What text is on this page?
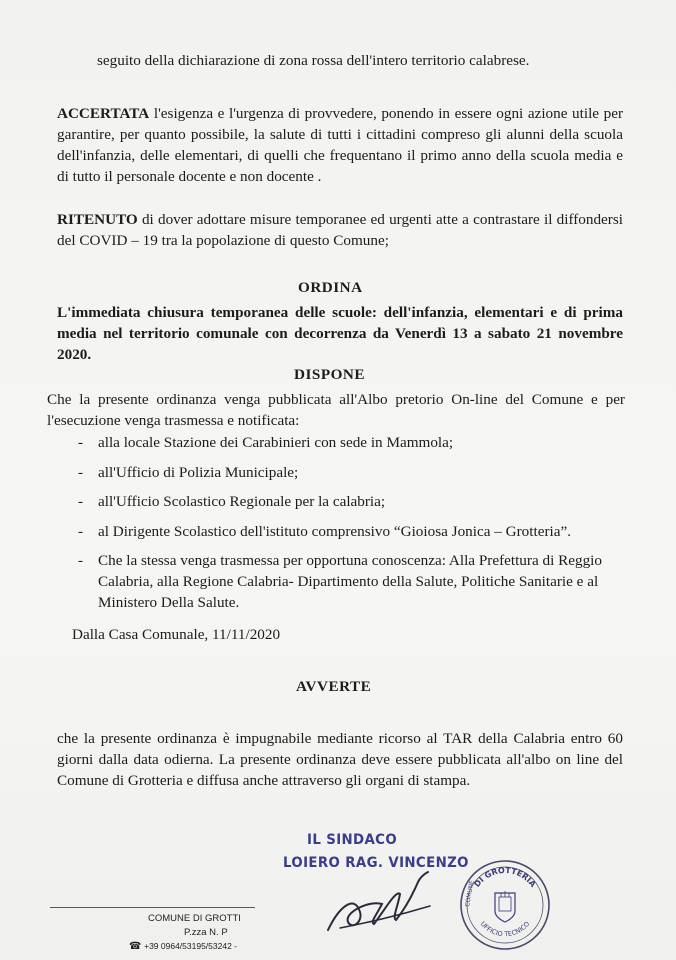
seguito della dichiarazione di zona rossa dell'intero territorio calabrese.

ACCERTATA l'esigenza e l'urgenza di provvedere, ponendo in essere ogni azione utile per garantire, per quanto possibile, la salute di tutti i cittadini compreso gli alunni della scuola dell'infanzia, delle elementari, di quelli che frequentano il primo anno della scuola media e di tutto il personale docente e non docente .

RITENUTO di dover adottare misure temporanee ed urgenti atte a contrastare il diffondersi del COVID – 19 tra la popolazione di questo Comune;

ORDINA

L'immediata chiusura temporanea delle scuole: dell'infanzia, elementari e di prima media nel territorio comunale con decorrenza da Venerdì 13 a sabato 21 novembre 2020.

DISPONE

Che la presente ordinanza venga pubblicata all'Albo pretorio On-line del Comune e per l'esecuzione venga trasmessa e notificata:

- alla locale Stazione dei Carabinieri con sede in Mammola;
- all'Ufficio di Polizia Municipale;
- all'Ufficio Scolastico Regionale per la calabria;
- al Dirigente Scolastico dell'istituto comprensivo “Gioiosa Jonica – Grotteria”.
- Che la stessa venga trasmessa per opportuna conoscenza: Alla Prefettura di Reggio Calabria, alla Regione Calabria- Dipartimento della Salute, Politiche Sanitarie e al Ministero Della Salute.

Dalla Casa Comunale, 11/11/2020

AVVERTE

che la presente ordinanza è impugnabile mediante ricorso al TAR della Calabria entro 60 giorni dalla data odierna. La presente ordinanza deve essere pubblicata all'albo on line del Comune di Grotteria e diffusa anche attraverso gli organi di stampa.

IL SINDACO
LOIERO RAG. VINCENZO
DI GROTTERIA
UFFICIO TECNICO
COMUNE
COMUNE DI GROTTI
P.zza N. P
☎ +39 0964/53195/53242 -
